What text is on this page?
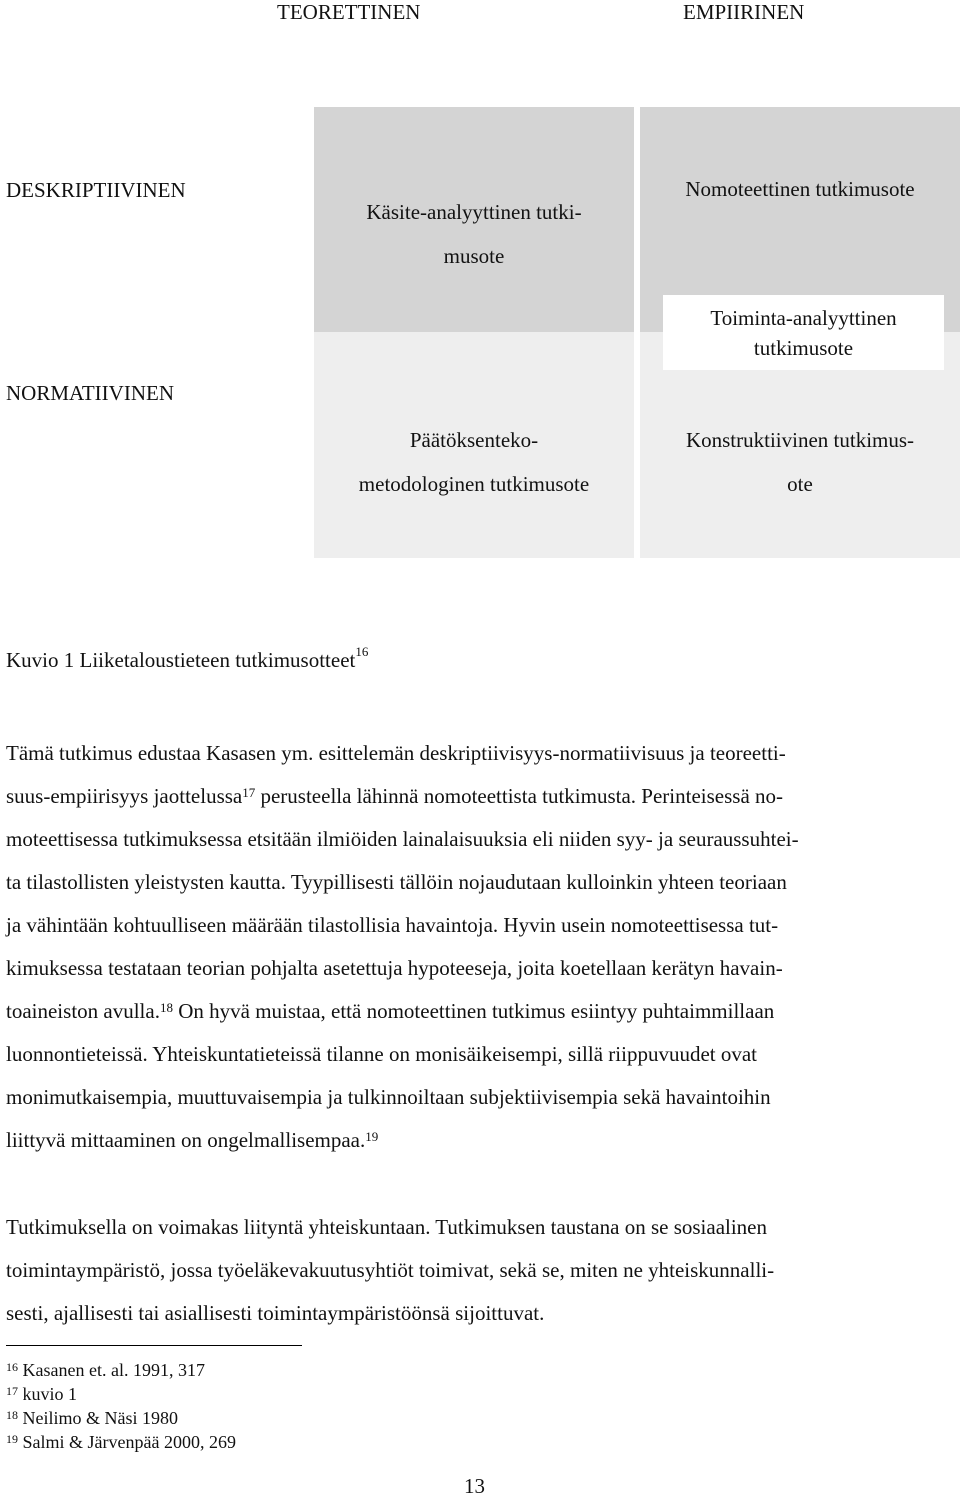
TEORETTINEN	EMPIIRINEN
DESKRIPTIIVINEN
NORMATIIVINEN
Käsite-analyyttinen tutki-
musote
Nomoteettinen tutkimusote
Toiminta-analyyttinen
tutkimusote
Päätöksenteko-
metodologinen tutkimusote
Konstruktiivinen tutkimus-
ote
Kuvio 1 Liiketaloustieteen tutkimusotteet$^{16}$
Tämä tutkimus edustaa Kasasen ym. esittelemän deskriptiivisyys-normatiivisuus ja teoreetti-
suus-empiirisyys jaottelussa$^{17}$ perusteella lähinnä nomoteettista tutkimusta. Perinteisessä no-
moteettisessa tutkimuksessa etsitään ilmiöiden lainalaisuuksia eli niiden syy- ja seuraussuhtei-
ta tilastollisten yleistysten kautta. Tyypillisesti tällöin nojaudutaan kulloinkin yhteen teoriaan
ja vähintään kohtuulliseen määrään tilastollisia havaintoja. Hyvin usein nomoteettisessa tut-
kimuksessa testataan teorian pohjalta asetettuja hypoteeseja, joita koetellaan kerätyn havain-
toaineiston avulla.$^{18}$ On hyvä muistaa, että nomoteettinen tutkimus esiintyy puhtaimmillaan
luonnontieteissä. Yhteiskuntatieteissä tilanne on monisäikeisempi, sillä riippuvuudet ovat
monimutkaisempia, muuttuvaisempia ja tulkinnoiltaan subjektiivisempia sekä havaintoihin
liittyvä mittaaminen on ongelmallisempaa.$^{19}$
Tutkimuksella on voimakas liityntä yhteiskuntaan. Tutkimuksen taustana on se sosiaalinen
toimintaympäristö, jossa työeläkevakuutusyhtiöt toimivat, sekä se, miten ne yhteiskunnalli-
sesti, ajallisesti tai asiallisesti toimintaympäristöönsä sijoittuvat.
$^{16}$ Kasanen et. al. 1991, 317
$^{17}$ kuvio 1
$^{18}$ Neilimo & Näsi 1980
$^{19}$ Salmi & Järvenpää 2000, 269
13
